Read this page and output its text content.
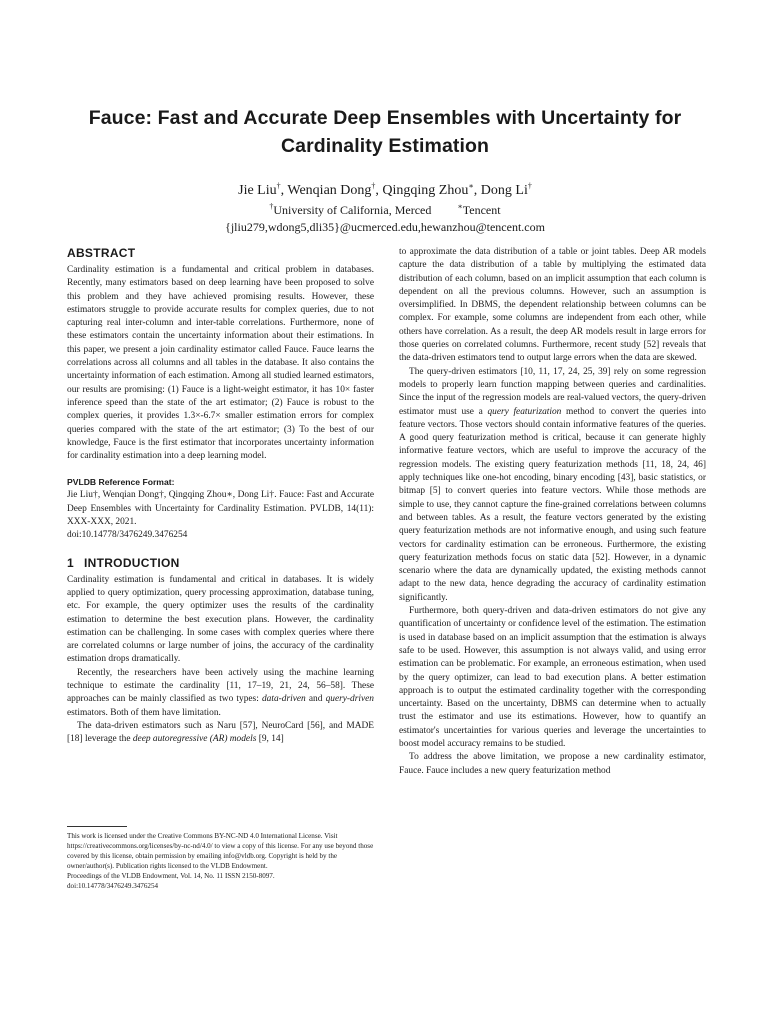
Fauce: Fast and Accurate Deep Ensembles with Uncertainty for
Cardinality Estimation
Jie Liu†, Wenqian Dong†, Qingqing Zhou∗, Dong Li†
†University of California, Merced	∗Tencent
{jliu279,wdong5,dli35}@ucmerced.edu,hewanzhou@tencent.com
ABSTRACT

Cardinality estimation is a fundamental and critical problem in databases. Recently, many estimators based on deep learning have been proposed to solve this problem and they have achieved promising results. However, these estimators struggle to provide accurate results for complex queries, due to not capturing real inter-column and inter-table correlations. Furthermore, none of these estimators contain the uncertainty information about their estimations. In this paper, we present a join cardinality estimator called Fauce. Fauce learns the correlations across all columns and all tables in the database. It also contains the uncertainty information of each estimation. Among all studied learned estimators, our results are promising: (1) Fauce is a light-weight estimator, it has 10× faster inference speed than the state of the art estimator; (2) Fauce is robust to the complex queries, it provides 1.3×-6.7× smaller estimation errors for complex queries compared with the state of the art estimator; (3) To the best of our knowledge, Fauce is the first estimator that incorporates uncertainty information for cardinality estimation into a deep learning model.

PVLDB Reference Format:

Jie Liu†, Wenqian Dong†, Qingqing Zhou∗, Dong Li†. Fauce: Fast and Accurate Deep Ensembles with Uncertainty for Cardinality Estimation. PVLDB, 14(11): XXX-XXX, 2021.
doi:10.14778/3476249.3476254

1 INTRODUCTION

Cardinality estimation is fundamental and critical in databases. It is widely applied to query optimization, query processing approximation, database tuning, etc. For example, the query optimizer uses the results of the cardinality estimation to determine the best execution plans. However, the cardinality estimation can be challenging. In some cases with complex queries where there are correlated columns or large number of joins, the accuracy of the cardinality estimation drops dramatically.

Recently, the researchers have been actively using the machine learning technique to estimate the cardinality [11, 17–19, 21, 24, 56–58]. These approaches can be mainly classified as two types: data-driven and query-driven estimators. Both of them have limitation.

The data-driven estimators such as Naru [57], NeuroCard [56], and MADE [18] leverage the deep autoregressive (AR) models [9, 14]

This work is licensed under the Creative Commons BY-NC-ND 4.0 International License. Visit https://creativecommons.org/licenses/by-nc-nd/4.0/ to view a copy of this license. For any use beyond those covered by this license, obtain permission by emailing info@vldb.org. Copyright is held by the owner/author(s). Publication rights licensed to the VLDB Endowment.

Proceedings of the VLDB Endowment, Vol. 14, No. 11 ISSN 2150-8097.

doi:10.14778/3476249.3476254

to approximate the data distribution of a table or joint tables. Deep AR models capture the data distribution of a table by multiplying the estimated data distribution of each column, based on an implicit assumption that each column is dependent on all the previous columns. However, such an assumption is oversimplified. In DBMS, the dependent relationship between columns can be complex. For example, some columns are independent from each other, while others have correlation. As a result, the deep AR models result in large errors for those queries on correlated columns. Furthermore, recent study [52] reveals that the data-driven estimators tend to output large errors when the data are skewed.

The query-driven estimators [10, 11, 17, 24, 25, 39] rely on some regression models to properly learn function mapping between queries and cardinalities. Since the input of the regression models are real-valued vectors, the query-driven estimator must use a query featurization method to convert the queries into feature vectors. Those vectors should contain informative features of the queries. A good query featurization method is critical, because it can generate highly informative feature vectors, which are useful to improve the accuracy of the regression models. The existing query featurization methods [11, 18, 24, 46] apply techniques like one-hot encoding, binary encoding [43], basic statistics, or bitmap [5] to convert queries into feature vectors. While those methods are simple to use, they cannot capture the fine-grained correlations between columns and between tables. As a result, the feature vectors generated by the existing query featurization methods are not informative enough, and using such feature vectors for cardinality estimation can be erroneous. Furthermore, the existing query featurization methods focus on static data [52]. However, in a dynamic scenario where the data are dynamically updated, the existing methods cannot adapt to the new data, hence degrading the accuracy of cardinality estimation significantly.

Furthermore, both query-driven and data-driven estimators do not give any quantification of uncertainty or confidence level of the estimation. The estimation is used in database based on an implicit assumption that the estimation is always safe to be used. However, this assumption is not always valid, and using error estimation can be problematic. For example, an erroneous estimation, when used by the query optimizer, can lead to bad execution plans. A better estimation approach is to output the estimated cardinality together with the corresponding uncertainty. Based on the uncertainty, DBMS can determine when to actually trust the estimator and use its estimations. However, how to quantify an estimator's uncertainties for various queries and leverage the uncertainties to boost model accuracy remains to be studied.

To address the above limitation, we propose a new cardinality estimator, Fauce. Fauce includes a new query featurization method
